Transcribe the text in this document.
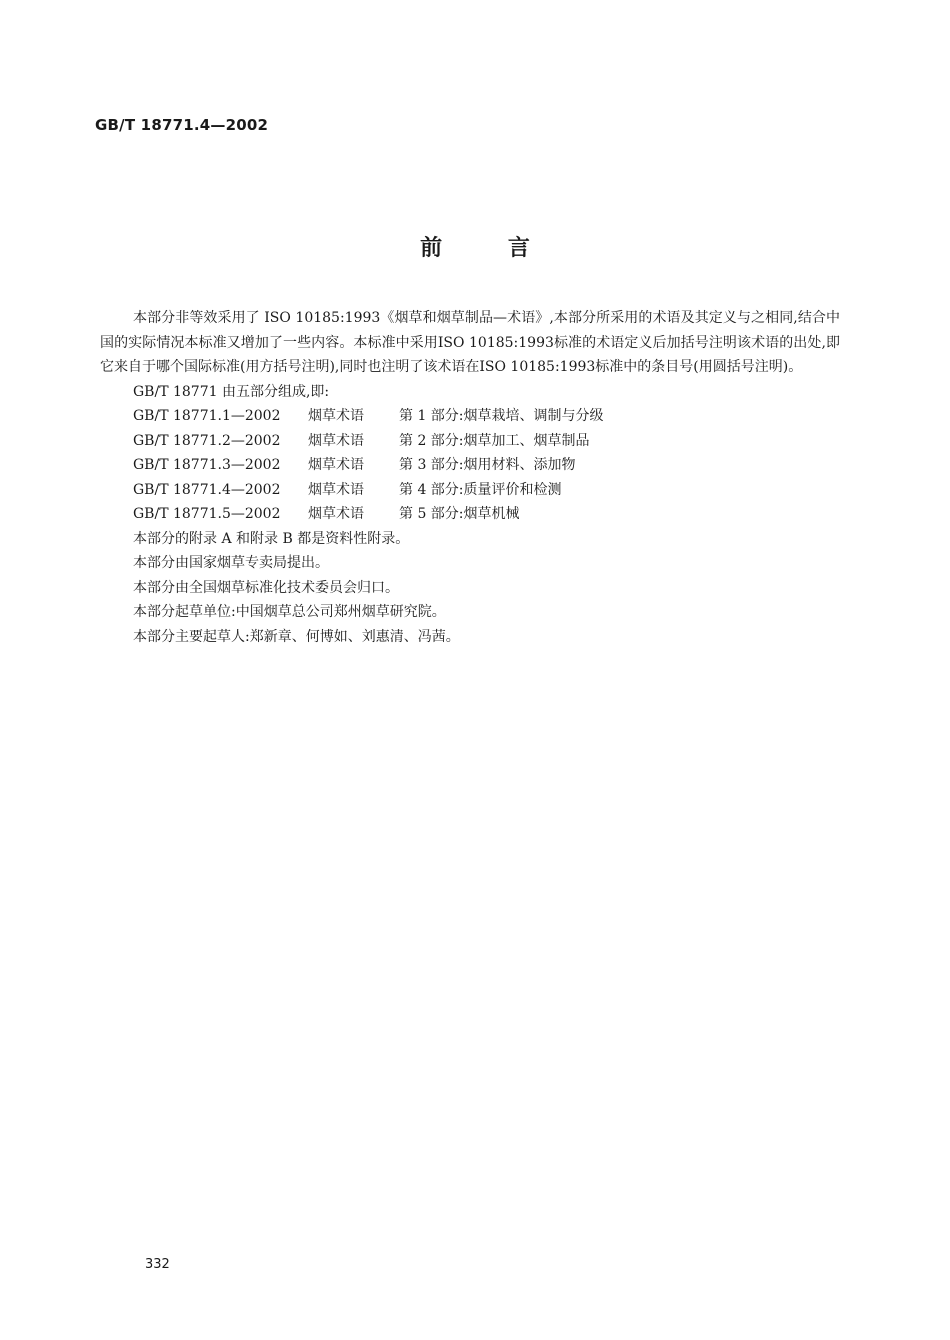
GB/T 18771.4—2002
前 言

本部分非等效采用了 ISO 10185:1993《烟草和烟草制品—术语》,本部分所采用的术语及其定义与之相同,结合中国的实际情况本标准又增加了一些内容。本标准中采用ISO 10185:1993标准的术语定义后加括号注明该术语的出处,即它来自于哪个国际标准(用方括号注明),同时也注明了该术语在ISO 10185:1993标准中的条目号(用圆括号注明)。

GB/T 18771 由五部分组成,即:

GB/T 18771.1—2002	烟草术语	第 1 部分:烟草栽培、调制与分级
GB/T 18771.2—2002	烟草术语	第 2 部分:烟草加工、烟草制品
GB/T 18771.3—2002	烟草术语	第 3 部分:烟用材料、添加物
GB/T 18771.4—2002	烟草术语	第 4 部分:质量评价和检测
GB/T 18771.5—2002	烟草术语	第 5 部分:烟草机械

本部分的附录 A 和附录 B 都是资料性附录。

本部分由国家烟草专卖局提出。

本部分由全国烟草标准化技术委员会归口。

本部分起草单位:中国烟草总公司郑州烟草研究院。

本部分主要起草人:郑新章、何博如、刘惠清、冯茜。

332
